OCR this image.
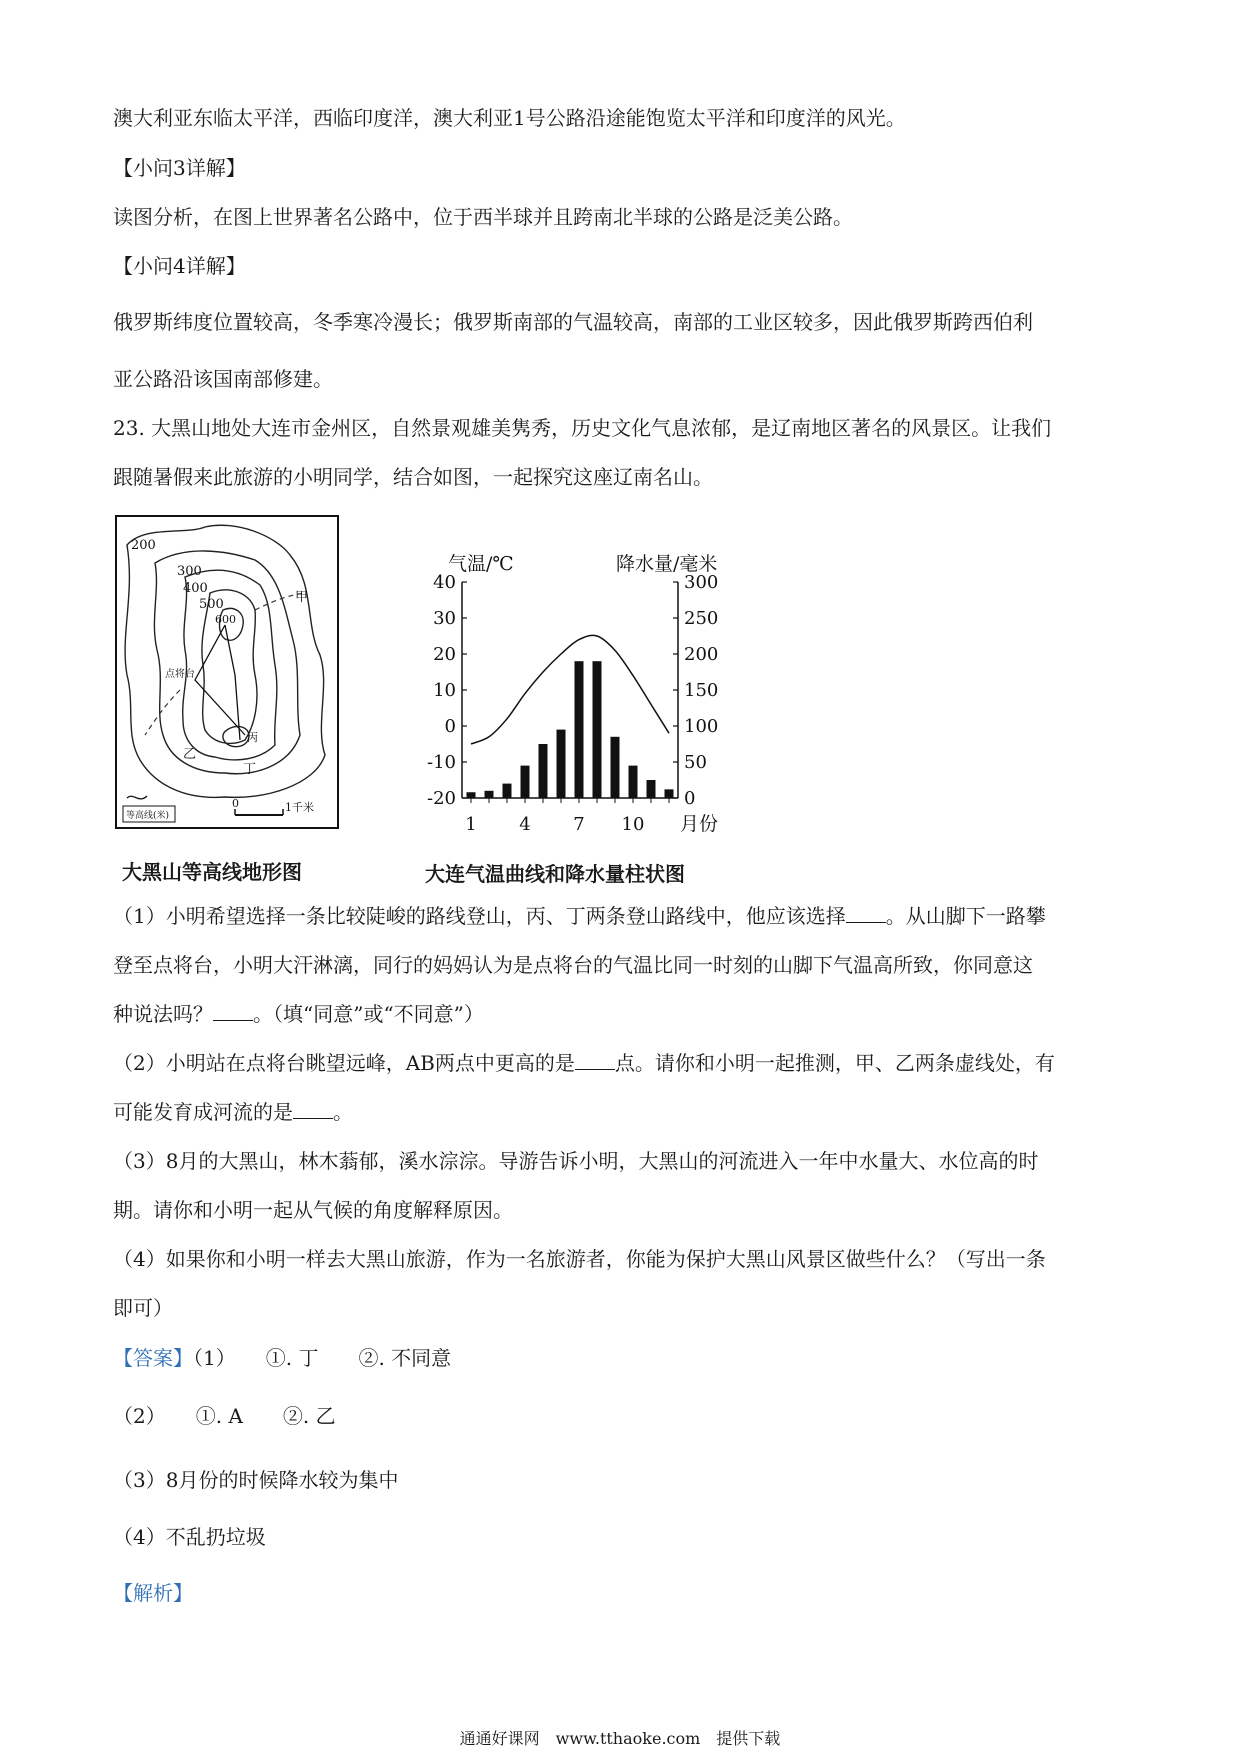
澳大利亚东临太平洋，西临印度洋，澳大利亚1号公路沿途能饱览太平洋和印度洋的风光。
【小问3详解】
读图分析，在图上世界著名公路中，位于西半球并且跨南北半球的公路是泛美公路。
【小问4详解】
俄罗斯纬度位置较高，冬季寒冷漫长；俄罗斯南部的气温较高，南部的工业区较多，因此俄罗斯跨西伯利
亚公路沿该国南部修建。
23. 大黑山地处大连市金州区，自然景观雄美隽秀，历史文化气息浓郁，是辽南地区著名的风景区。让我们
跟随暑假来此旅游的小明同学，结合如图，一起探究这座辽南名山。
200
300
400
500
600
甲
乙
丁
丙
点将台
等高线(米)
0	1千米
大黑山等高线地形图
气温/℃	降水量/毫米
40
30
20
10
0
-10
-20
300
250
200
150
100
50
0
1 4 7 10 月份
大连气温曲线和降水量柱状图
（1）小明希望选择一条比较陡峻的路线登山，丙、丁两条登山路线中，他应该选择 。从山脚下一路攀
登至点将台，小明大汗淋漓，同行的妈妈认为是点将台的气温比同一时刻的山脚下气温高所致，你同意这
种说法吗？ 。（填“同意”或“不同意”）
（2）小明站在点将台眺望远峰，AB两点中更高的是 点。请你和小明一起推测，甲、乙两条虚线处，有
可能发育成河流的是 。
（3）8月的大黑山，林木蓊郁，溪水淙淙。导游告诉小明，大黑山的河流进入一年中水量大、水位高的时
期。请你和小明一起从气候的角度解释原因。
（4）如果你和小明一样去大黑山旅游，作为一名旅游者，你能为保护大黑山风景区做些什么？（写出一条
即可）
【答案】（1）　　①. 丁　　②. 不同意
（2）　　①. A　　②. 乙
（3）8月份的时候降水较为集中
（4）不乱扔垃圾
【解析】
通通好课网　www.tthaoke.com　提供下载
